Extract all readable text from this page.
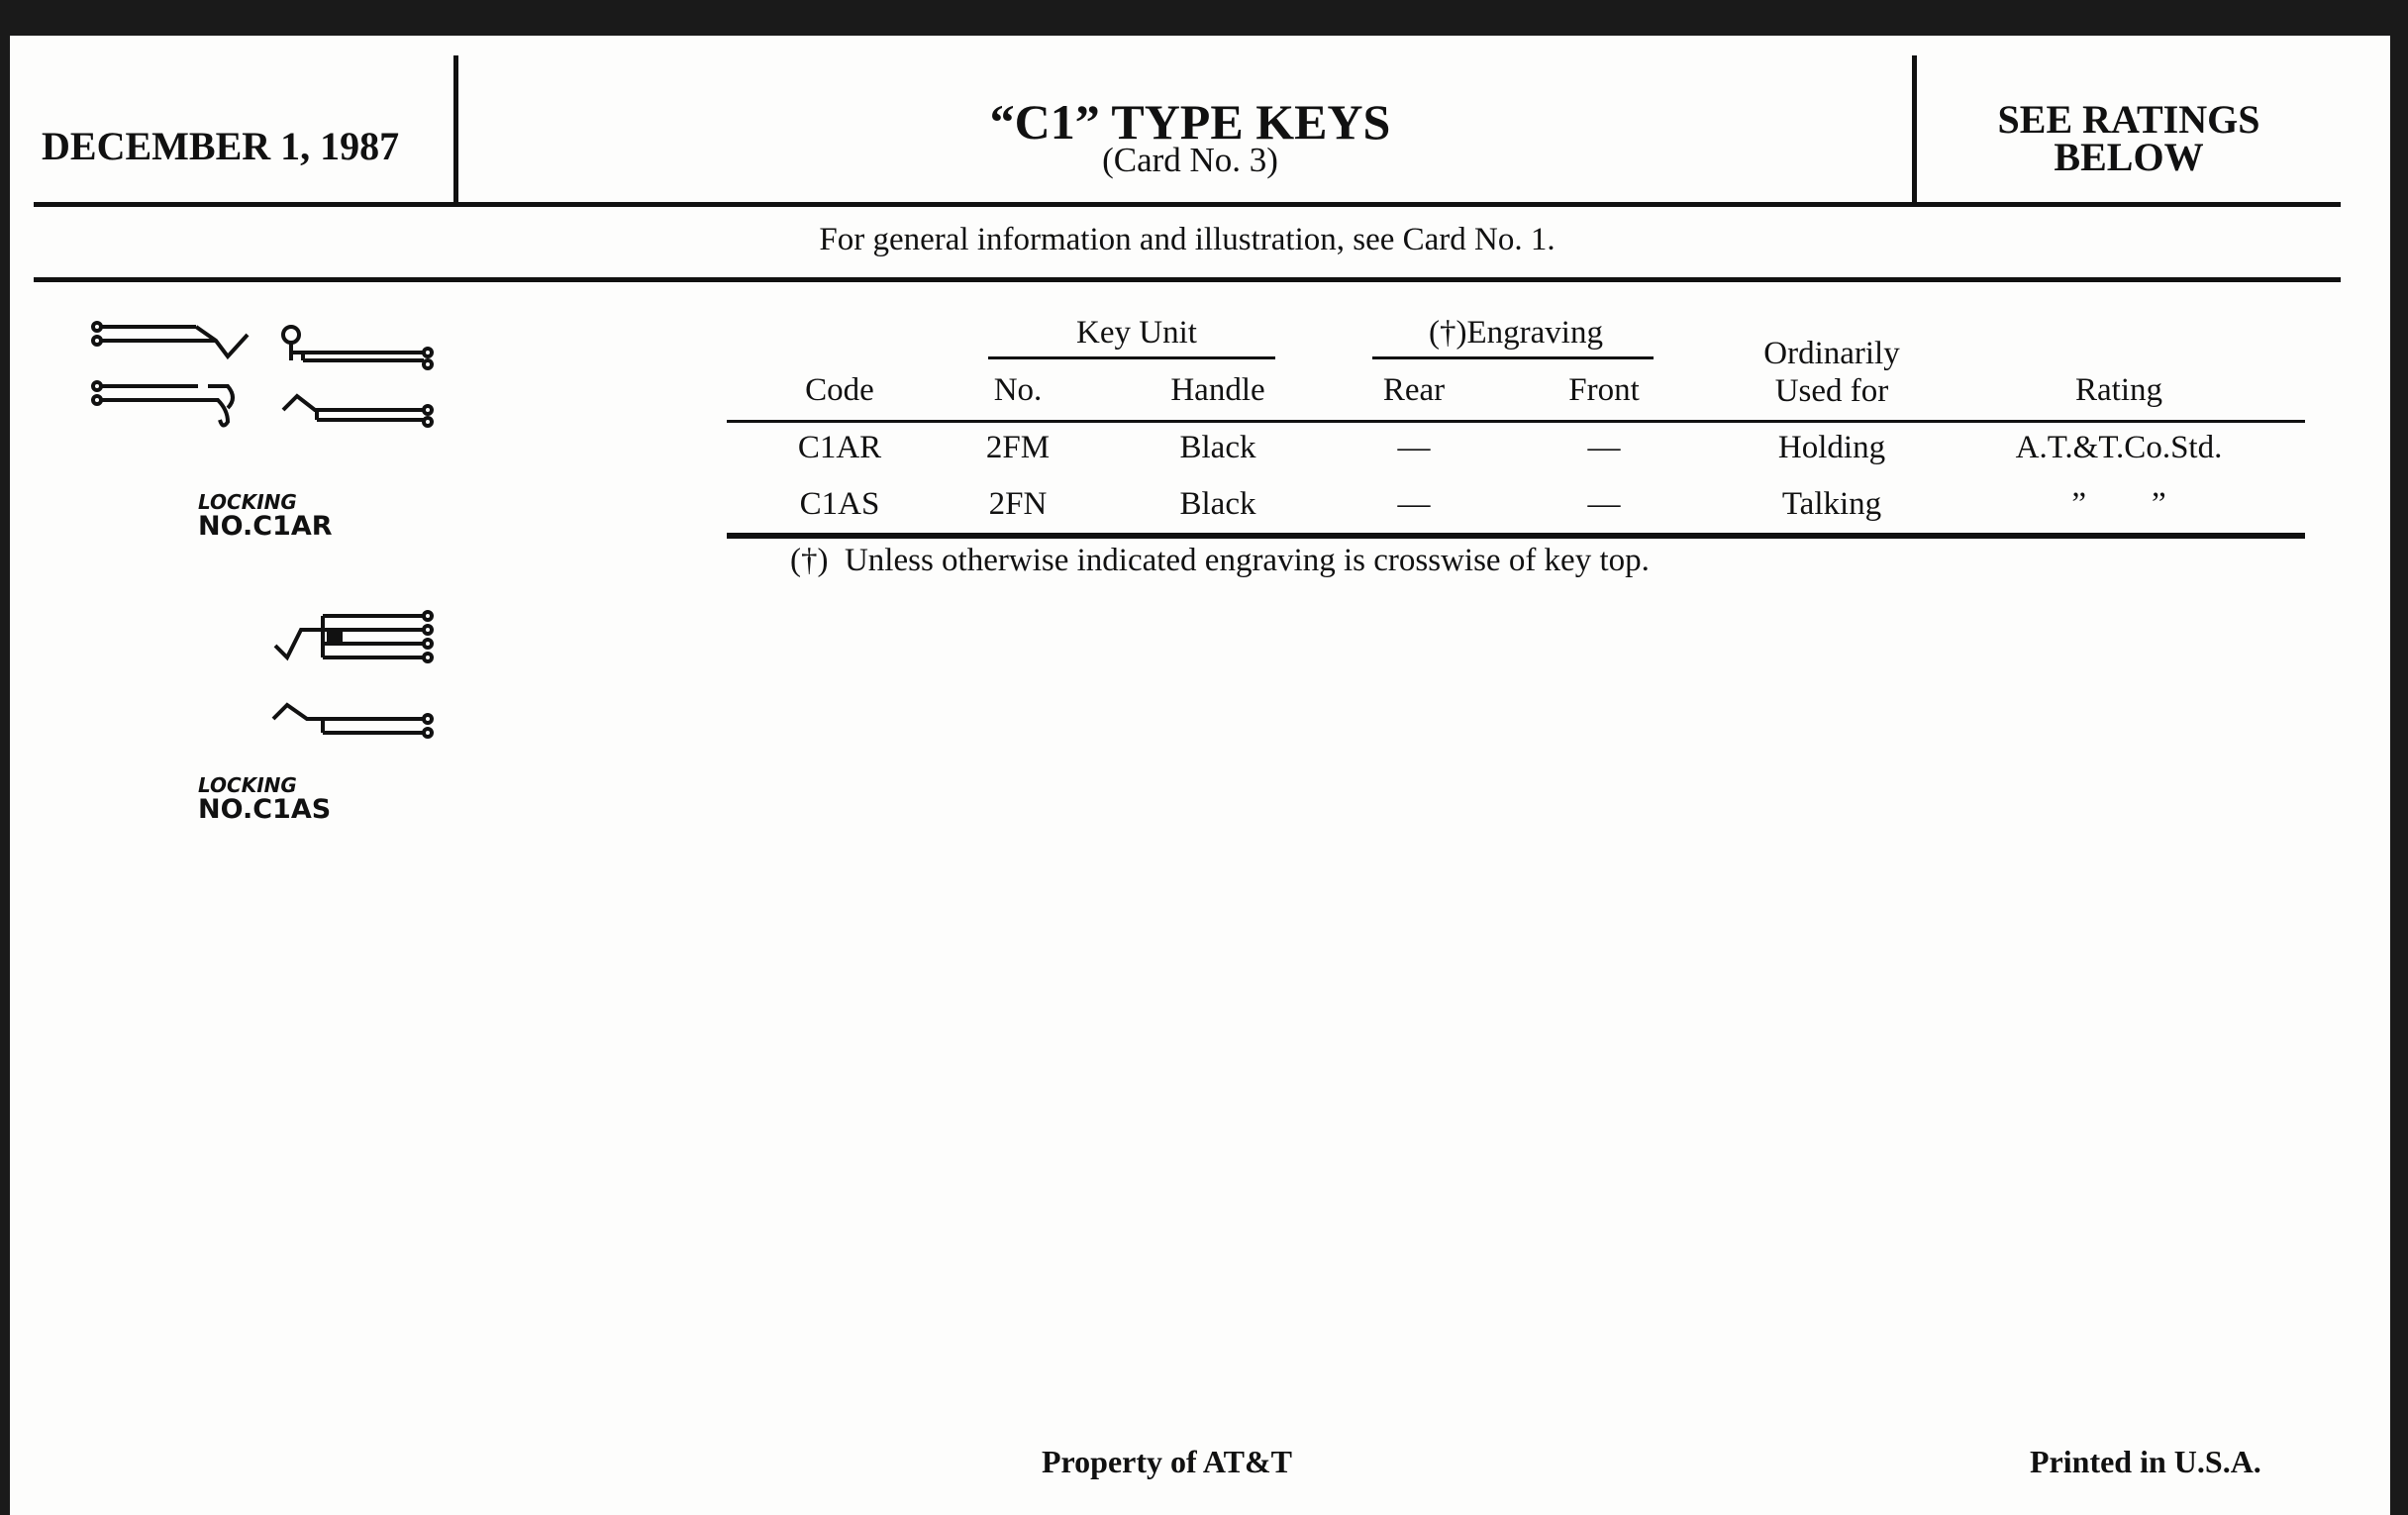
DECEMBER 1, 1987	“C1” TYPE KEYS
(Card No. 3)
SEE RATINGS
BELOW
For general information and illustration, see Card No. 1.
LOCKING
NO.C1AR
LOCKING
NO.C1AS
Key Unit	(†)Engraving
Code	No.	Handle	Rear	Front
Ordinarily
Used for	Rating
C1AR	2FM	Black	—	—	Holding	A.T.&T.Co.Std.
C1AS	2FN	Black	—	—	Talking	”  ”
(†)  Unless otherwise indicated engraving is crosswise of key top.
Property of AT&T	Printed in U.S.A.
